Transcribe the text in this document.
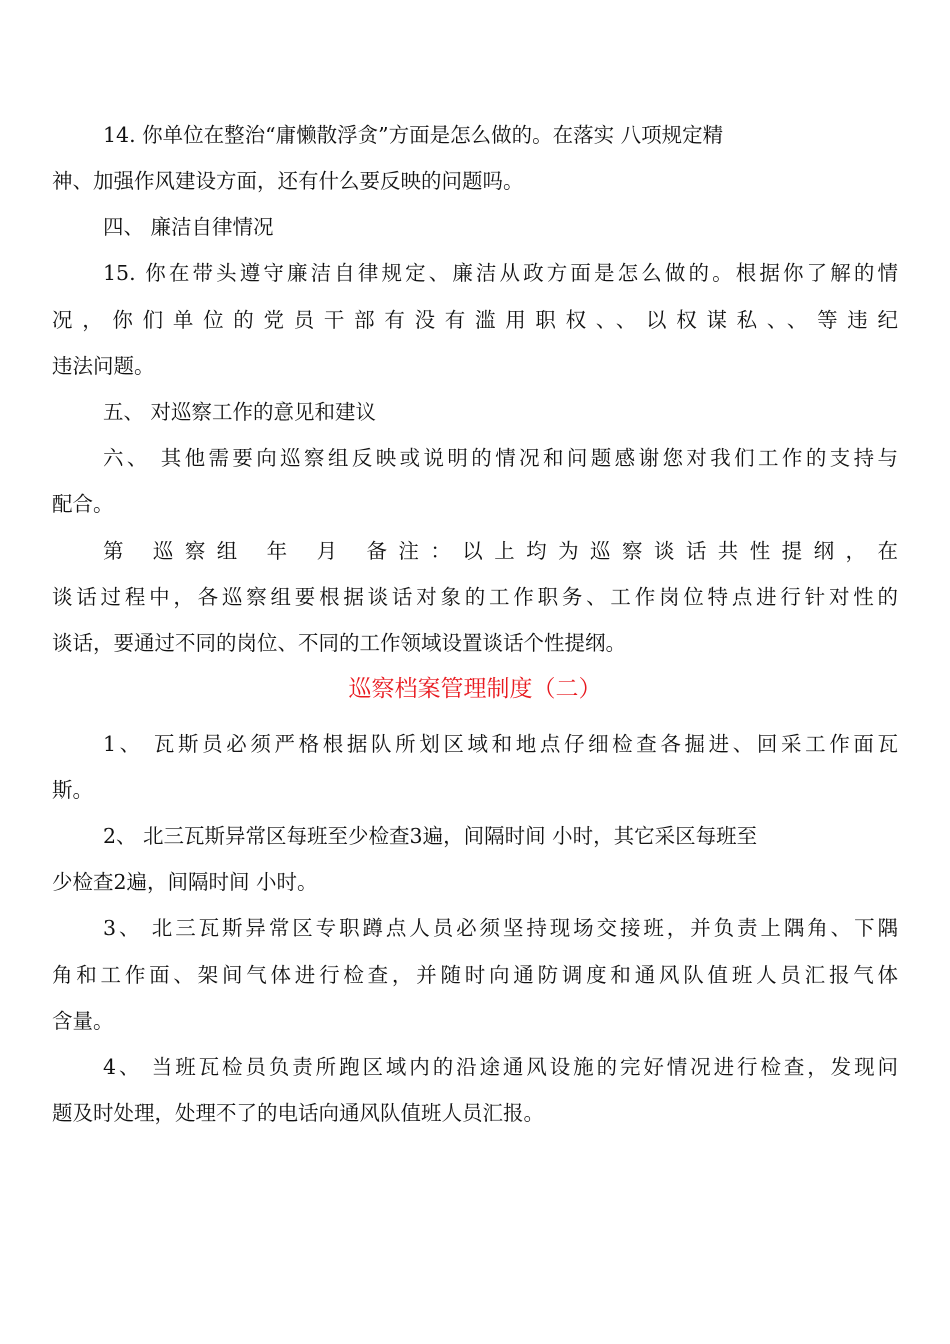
14. 你单位在整治“庸懒散浮贪”方面是怎么做的。在落实 八项规定精
神、加强作风建设方面，还有什么要反映的问题吗。
四、 廉洁自律情况
15. 你在带头遵守廉洁自律规定、廉洁从政方面是怎么做的。根据你了解的情
况，你们单位的党员干部有没有滥用职权、、以权谋私、、等违纪
违法问题。
五、 对巡察工作的意见和建议
六、 其他需要向巡察组反映或说明的情况和问题感谢您对我们工作的支持与
配合。
第 巡察组 年 月 备注：以上均为巡察谈话共性提纲，在
谈话过程中，各巡察组要根据谈话对象的工作职务、工作岗位特点进行针对性的
谈话，要通过不同的岗位、不同的工作领域设置谈话个性提纲。
巡察档案管理制度（二）
1、 瓦斯员必须严格根据队所划区域和地点仔细检查各掘进、回采工作面瓦
斯。
2、 北三瓦斯异常区每班至少检查3遍，间隔时间 小时，其它采区每班至
少检查2遍，间隔时间 小时。
3、 北三瓦斯异常区专职蹲点人员必须坚持现场交接班，并负责上隅角、下隅
角和工作面、架间气体进行检查，并随时向通防调度和通风队值班人员汇报气体
含量。
4、 当班瓦检员负责所跑区域内的沿途通风设施的完好情况进行检查，发现问
题及时处理，处理不了的电话向通风队值班人员汇报。
